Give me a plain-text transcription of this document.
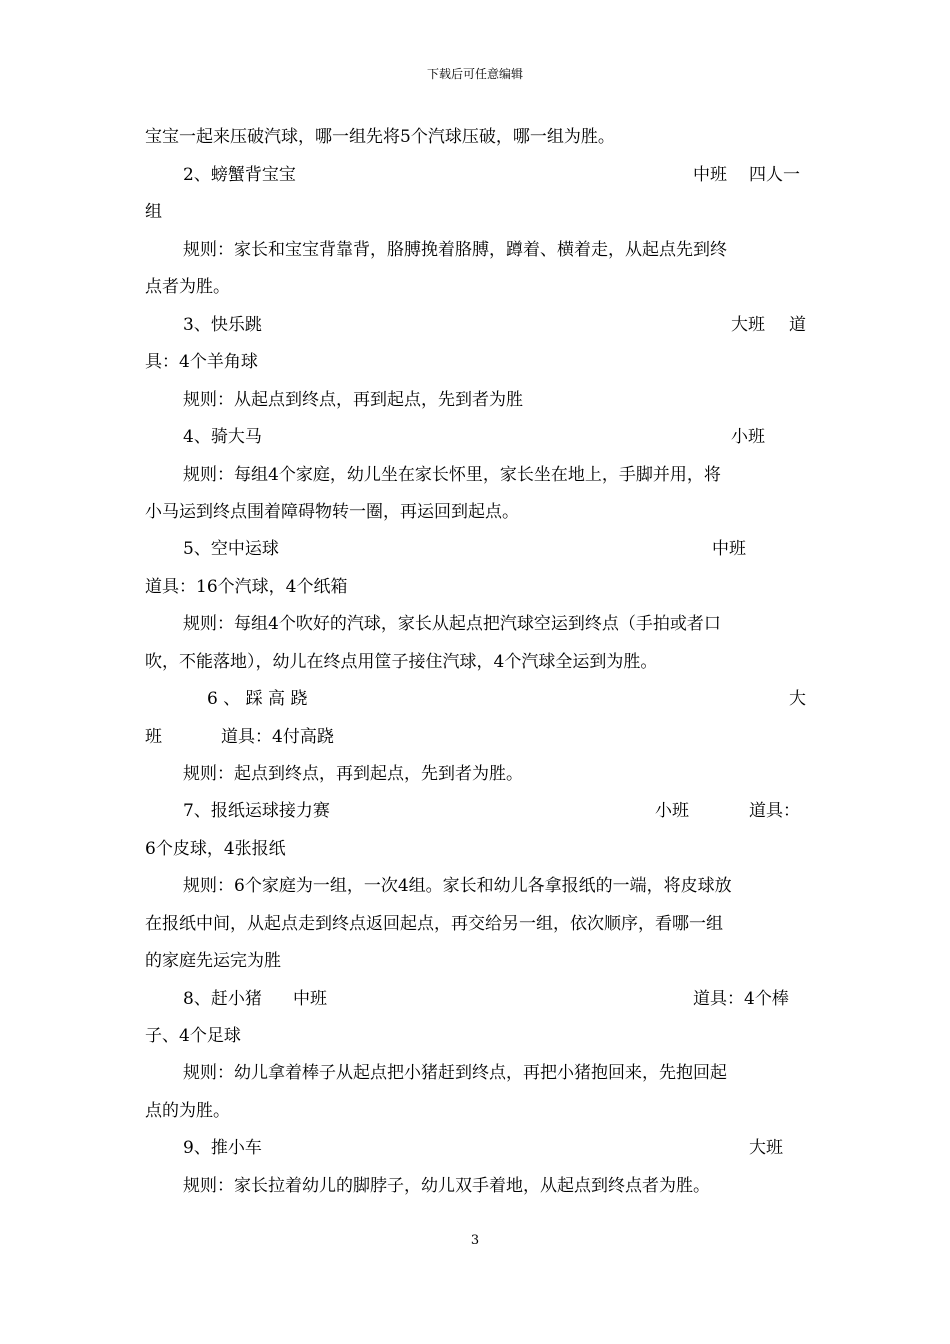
下载后可任意编辑
宝宝一起来压破汽球，哪一组先将5个汽球压破，哪一组为胜。
2、螃蟹背宝宝	中班 四人一
组
规则：家长和宝宝背靠背，胳膊挽着胳膊，蹲着、横着走，从起点先到终
点者为胜。
3、快乐跳	大班 道
具：4个羊角球
规则：从起点到终点，再到起点，先到者为胜
4、骑大马	小班
规则：每组4个家庭，幼儿坐在家长怀里，家长坐在地上，手脚并用，将
小马运到终点围着障碍物转一圈，再运回到起点。
5、空中运球	中班
道具：16个汽球，4个纸箱
规则：每组4个吹好的汽球，家长从起点把汽球空运到终点（手拍或者口
吹，不能落地），幼儿在终点用筐子接住汽球，4个汽球全运到为胜。
6 、 踩 高 跷	大
班	道具：4付高跷
规则：起点到终点，再到起点，先到者为胜。
7、报纸运球接力赛	小班	道具：
6个皮球，4张报纸
规则：6个家庭为一组，一次4组。家长和幼儿各拿报纸的一端，将皮球放
在报纸中间，从起点走到终点返回起点，再交给另一组，依次顺序，看哪一组
的家庭先运完为胜
8、赶小猪 中班	道具：4个棒
子、4个足球
规则：幼儿拿着棒子从起点把小猪赶到终点，再把小猪抱回来，先抱回起
点的为胜。
9、推小车	大班
规则：家长拉着幼儿的脚脖子，幼儿双手着地，从起点到终点者为胜。
3
